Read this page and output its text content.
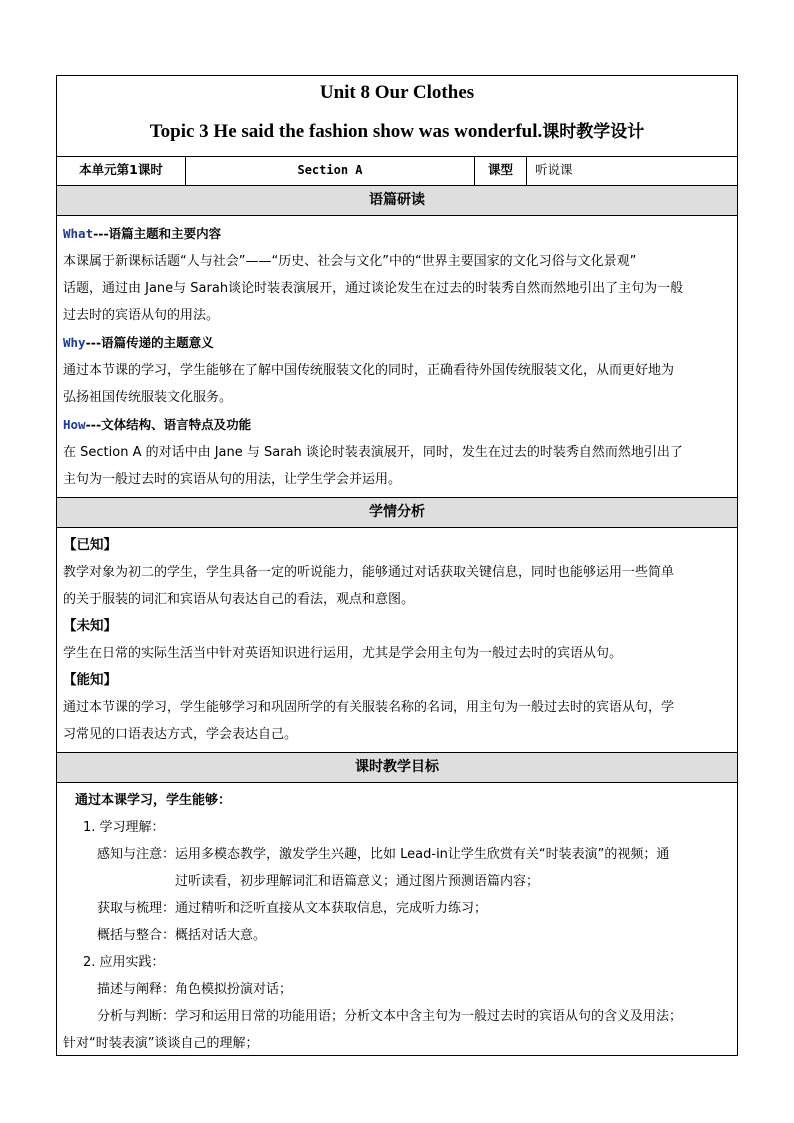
Unit 8 Our Clothes
Topic 3 He said the fashion show was wonderful.课时教学设计
本单元第1课时	Section A	课型	听说课
语篇研读

What---语篇主题和主要内容

本课属于新课标话题“人与社会”——“历史、社会与文化”中的“世界主要国家的文化习俗与文化景观”

话题，通过由 Jane与 Sarah谈论时装表演展开，通过谈论发生在过去的时装秀自然而然地引出了主句为一般

过去时的宾语从句的用法。

Why---语篇传递的主题意义

通过本节课的学习，学生能够在了解中国传统服装文化的同时，正确看待外国传统服装文化，从而更好地为

弘扬祖国传统服装文化服务。

How---文体结构、语言特点及功能

在 Section A 的对话中由 Jane 与 Sarah 谈论时装表演展开，同时，发生在过去的时装秀自然而然地引出了

主句为一般过去时的宾语从句的用法，让学生学会并运用。

学情分析

【已知】

教学对象为初二的学生，学生具备一定的听说能力，能够通过对话获取关键信息，同时也能够运用一些简单

的关于服装的词汇和宾语从句表达自己的看法，观点和意图。

【未知】

学生在日常的实际生活当中针对英语知识进行运用，尤其是学会用主句为一般过去时的宾语从句。

【能知】

通过本节课的学习，学生能够学习和巩固所学的有关服装名称的名词，用主句为一般过去时的宾语从句，学

习常见的口语表达方式，学会表达自己。

课时教学目标

通过本课学习，学生能够：

1. 学习理解：

感知与注意： 运用多模态教学，激发学生兴趣，比如 Lead-in让学生欣赏有关“时装表演”的视频；通
过听读看，初步理解词汇和语篇意义；通过图片预测语篇内容；
获取与梳理： 通过精听和泛听直接从文本获取信息，完成听力练习；
概括与整合： 概括对话大意。

2. 应用实践：

描述与阐释： 角色模拟扮演对话；
分析与判断： 学习和运用日常的功能用语；分析文本中含主句为一般过去时的宾语从句的含义及用法；

针对“时装表演”谈谈自己的理解；
